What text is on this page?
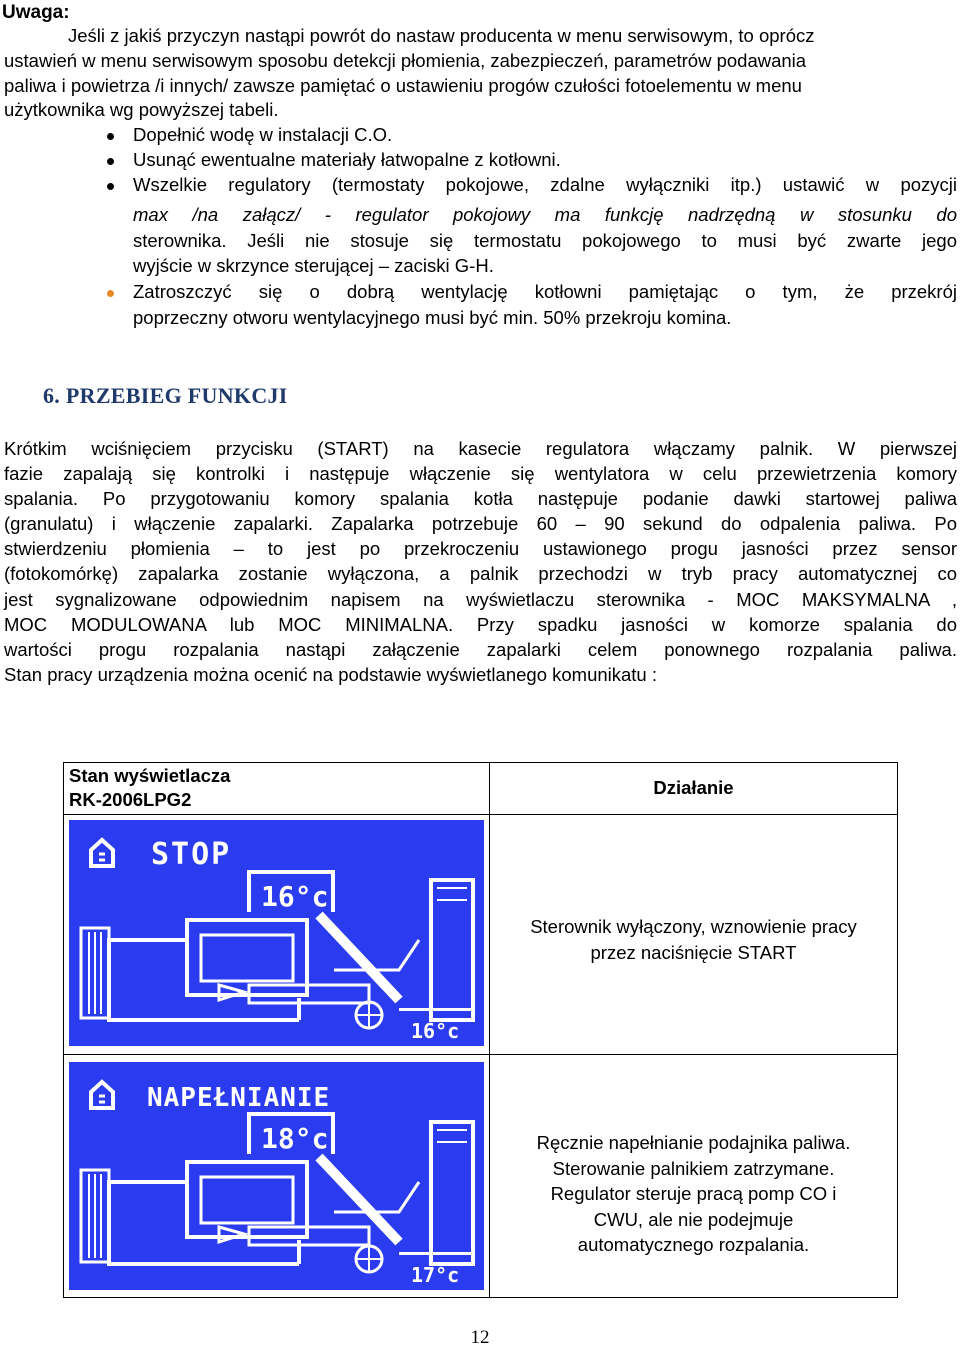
Uwaga:
Jeśli z jakiś przyczyn nastąpi powrót do nastaw producenta w menu serwisowym, to oprócz
ustawień w menu serwisowym sposobu detekcji płomienia, zabezpieczeń, parametrów podawania
paliwa i powietrza /i innych/ zawsze pamiętać o ustawieniu progów czułości fotoelementu w menu
użytkownika wg powyższej tabeli.
Dopełnić wodę w instalacji C.O.
Usunąć ewentualne materiały łatwopalne z kotłowni.
Wszelkie regulatory (termostaty pokojowe, zdalne wyłączniki itp.) ustawić w pozycji
max /na załącz/ - regulator pokojowy ma funkcję nadrzędną w stosunku do
sterownika. Jeśli nie stosuje się termostatu pokojowego to musi być zwarte jego
wyjście w skrzynce sterującej – zaciski G-H.
Zatroszczyć się o dobrą wentylację kotłowni pamiętając o tym, że przekrój
poprzeczny otworu wentylacyjnego musi być min. 50% przekroju komina.
6. PRZEBIEG FUNKCJI
Krótkim wciśnięciem przycisku (START) na kasecie regulatora włączamy palnik. W pierwszej
fazie zapalają się kontrolki i następuje włączenie się wentylatora w celu przewietrzenia komory
spalania. Po przygotowaniu komory spalania kotła następuje podanie dawki startowej paliwa
(granulatu) i włączenie zapalarki. Zapalarka potrzebuje 60 – 90 sekund do odpalenia paliwa. Po
stwierdzeniu płomienia – to jest po przekroczeniu ustawionego progu jasności przez sensor
(fotokomórkę) zapalarka zostanie wyłączona, a palnik przechodzi w tryb pracy automatycznej co
jest sygnalizowane odpowiednim napisem na wyświetlaczu sterownika - MOC MAKSYMALNA ,
MOC MODULOWANA lub MOC MINIMALNA. Przy spadku jasności w komorze spalania do
wartości progu rozpalania nastąpi załączenie zapalarki celem ponownego rozpalania paliwa.
Stan pracy urządzenia można ocenić na podstawie wyświetlanego komunikatu :
Stan wyświetlacza
RK-2006LPG2
Działanie
STOP
16°c
16°c
Sterownik wyłączony, wznowienie pracy
przez naciśnięcie START
NAPEŁNIANIE
18°c
17°c
Ręcznie napełnianie podajnika paliwa.
Sterowanie palnikiem zatrzymane.
Regulator steruje pracą pomp CO i
CWU, ale nie podejmuje
automatycznego rozpalania.
12
